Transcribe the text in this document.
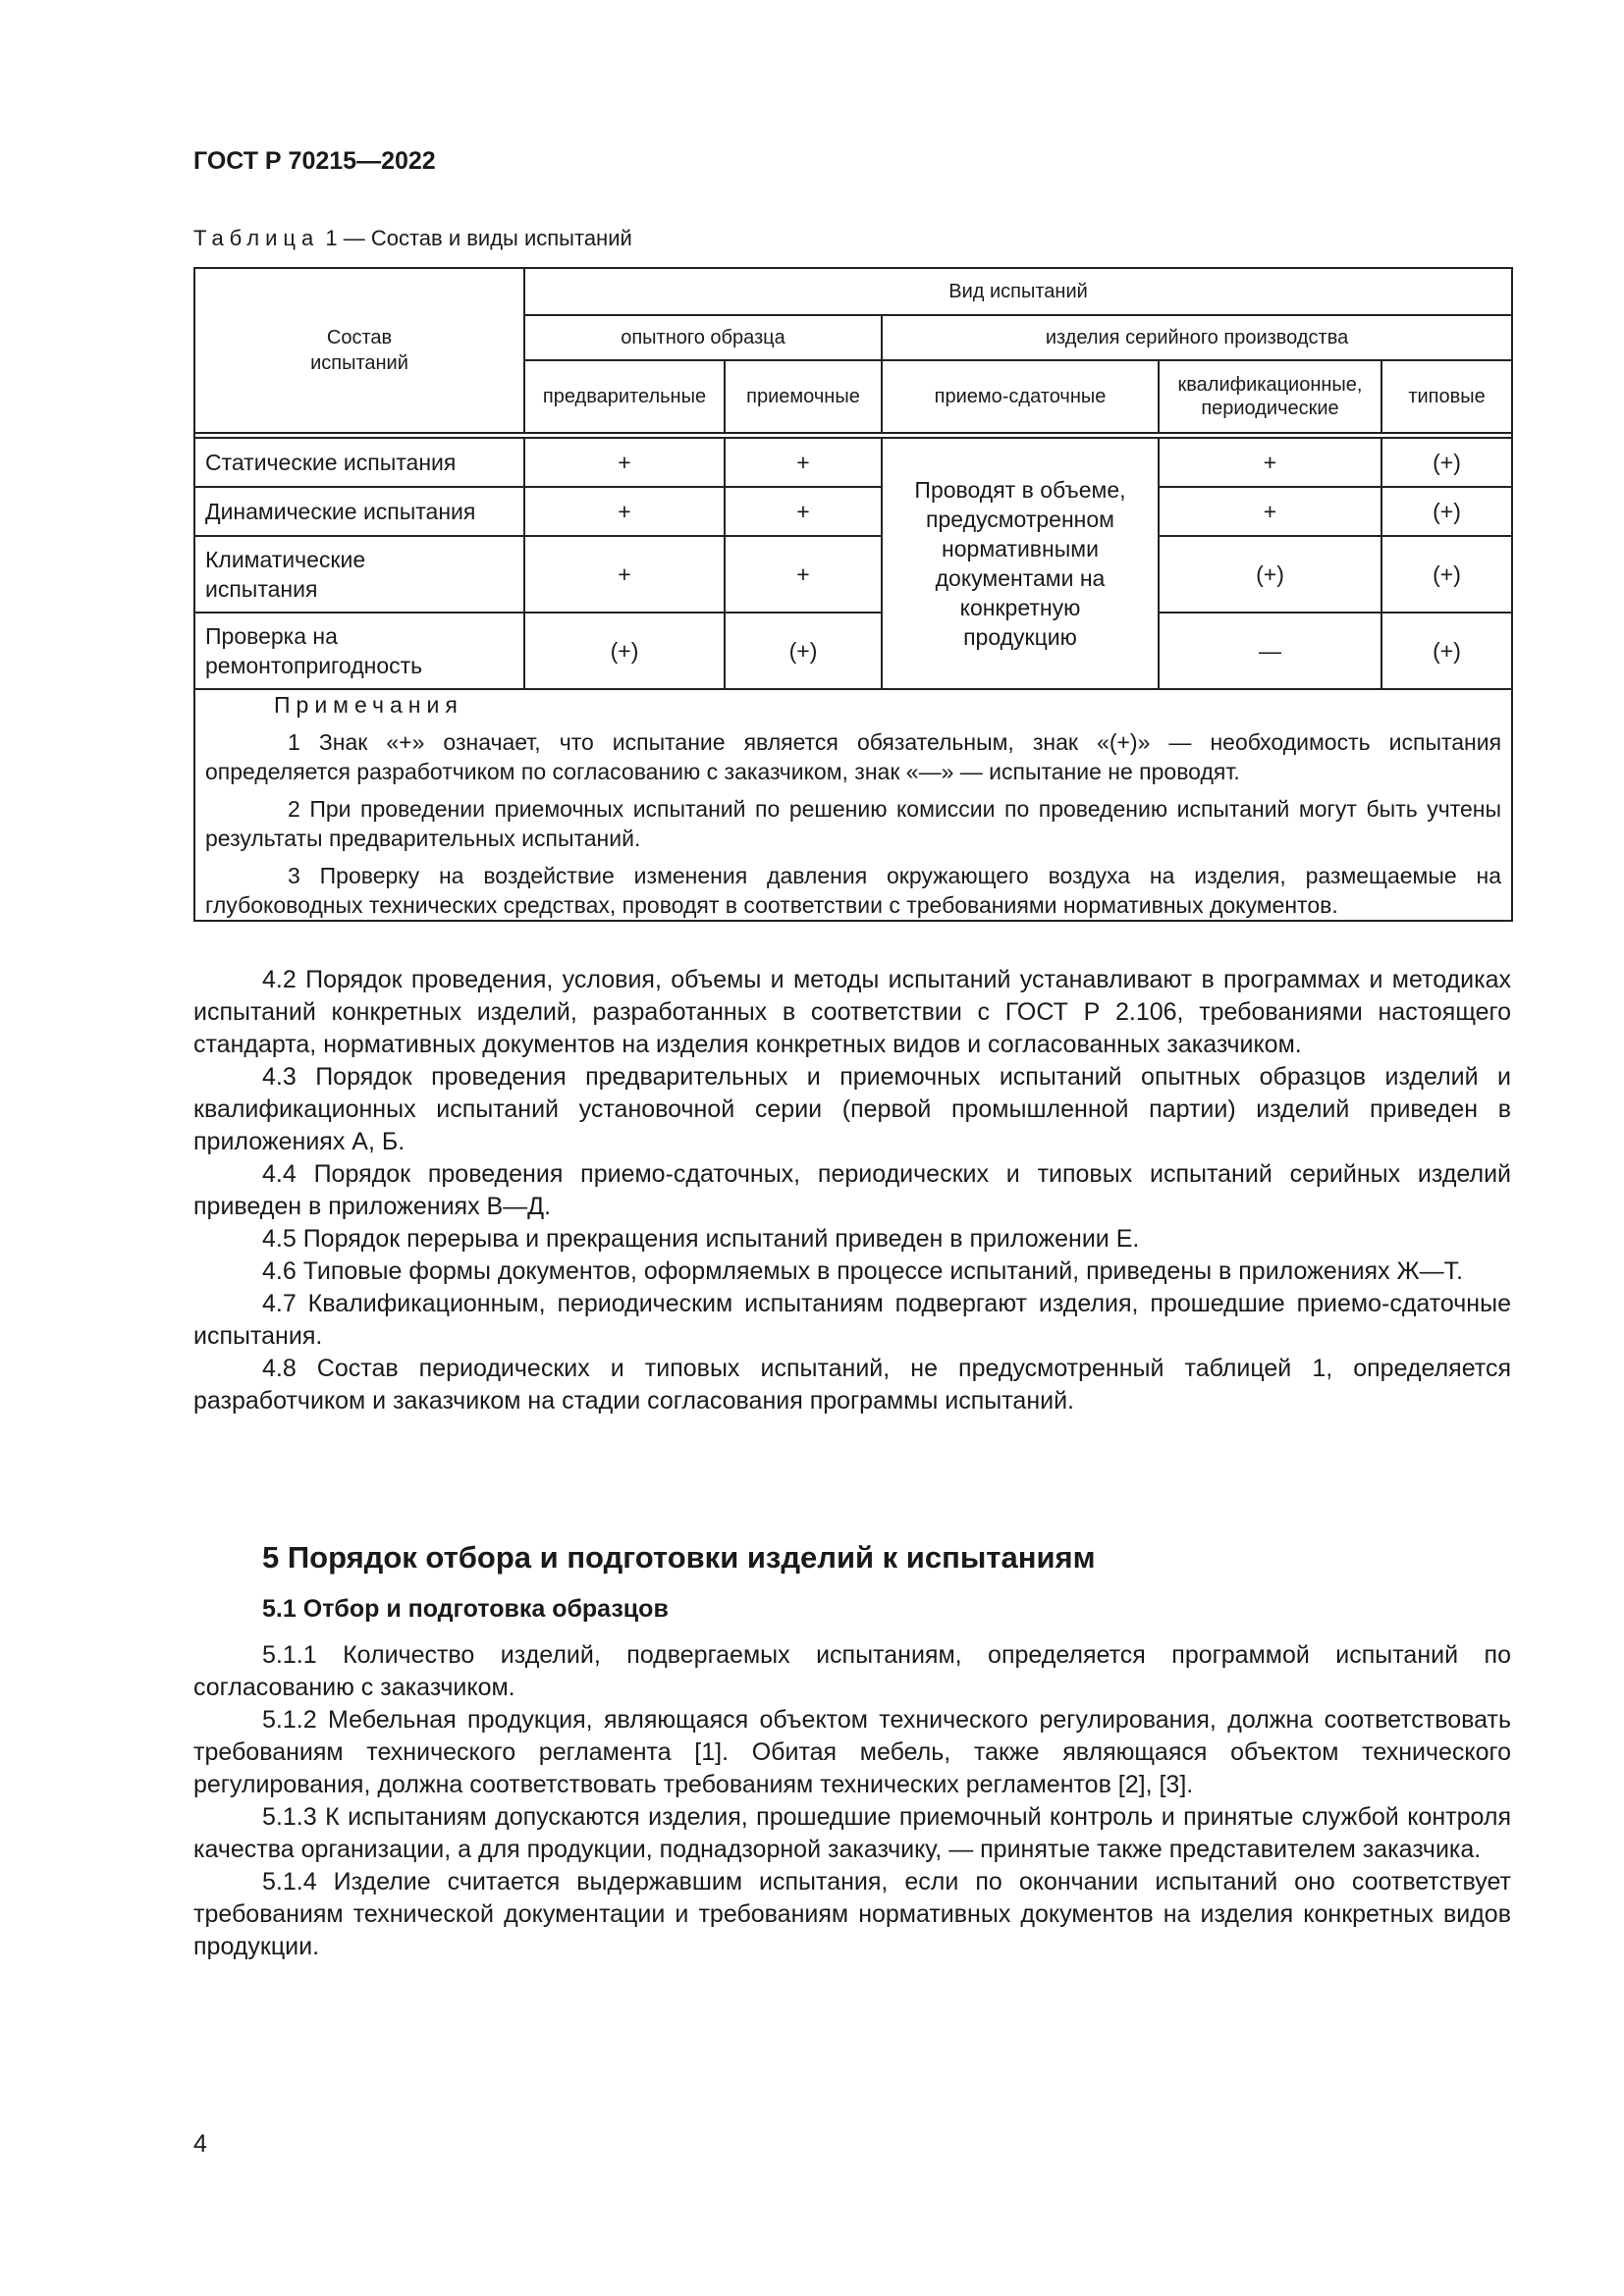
ГОСТ Р 70215—2022
Таблица 1 — Состав и виды испытаний
Состав испытаний	Вид испытаний				
	опытного образца		изделия серийного производства		
	предварительные	приемочные	приемо-сдаточные	квалификационные, периодические	типовые

Статические испытания	+	+	Проводят в объеме, предусмотренном нормативными документами на конкретную продукцию	+	(+)
Динамические испытания	+	+		+	(+)

Климатические испытания	+	+		(+)	(+)

Проверка на ремонтопригодность	(+)	(+)		—	(+)

Примечания
1 Знак «+» означает, что испытание является обязательным, знак «(+)» — необходимость испытания определяется разработчиком по согласованию с заказчиком, знак «—» — испытание не проводят.
2 При проведении приемочных испытаний по решению комиссии по проведению испытаний могут быть учтены результаты предварительных испытаний.
3 Проверку на воздействие изменения давления окружающего воздуха на изделия, размещаемые на глубоководных технических средствах, проводят в соответствии с требованиями нормативных документов.					

4.2 Порядок проведения, условия, объемы и методы испытаний устанавливают в программах и методиках испытаний конкретных изделий, разработанных в соответствии с ГОСТ Р 2.106, требованиями настоящего стандарта, нормативных документов на изделия конкретных видов и согласованных заказчиком.

4.3 Порядок проведения предварительных и приемочных испытаний опытных образцов изделий и квалификационных испытаний установочной серии (первой промышленной партии) изделий приведен в приложениях А, Б.

4.4 Порядок проведения приемо-сдаточных, периодических и типовых испытаний серийных изделий приведен в приложениях В—Д.

4.5 Порядок перерыва и прекращения испытаний приведен в приложении Е.

4.6 Типовые формы документов, оформляемых в процессе испытаний, приведены в приложениях Ж—Т.

4.7 Квалификационным, периодическим испытаниям подвергают изделия, прошедшие приемо-сдаточные испытания.

4.8 Состав периодических и типовых испытаний, не предусмотренный таблицей 1, определяется разработчиком и заказчиком на стадии согласования программы испытаний.

5 Порядок отбора и подготовки изделий к испытаниям
5.1 Отбор и подготовка образцов

5.1.1 Количество изделий, подвергаемых испытаниям, определяется программой испытаний по согласованию с заказчиком.

5.1.2 Мебельная продукция, являющаяся объектом технического регулирования, должна соответствовать требованиям технического регламента [1]. Обитая мебель, также являющаяся объектом технического регулирования, должна соответствовать требованиям технических регламентов [2], [3].

5.1.3 К испытаниям допускаются изделия, прошедшие приемочный контроль и принятые службой контроля качества организации, а для продукции, поднадзорной заказчику, — принятые также представителем заказчика.

5.1.4 Изделие считается выдержавшим испытания, если по окончании испытаний оно соответствует требованиям технической документации и требованиям нормативных документов на изделия конкретных видов продукции.

4
